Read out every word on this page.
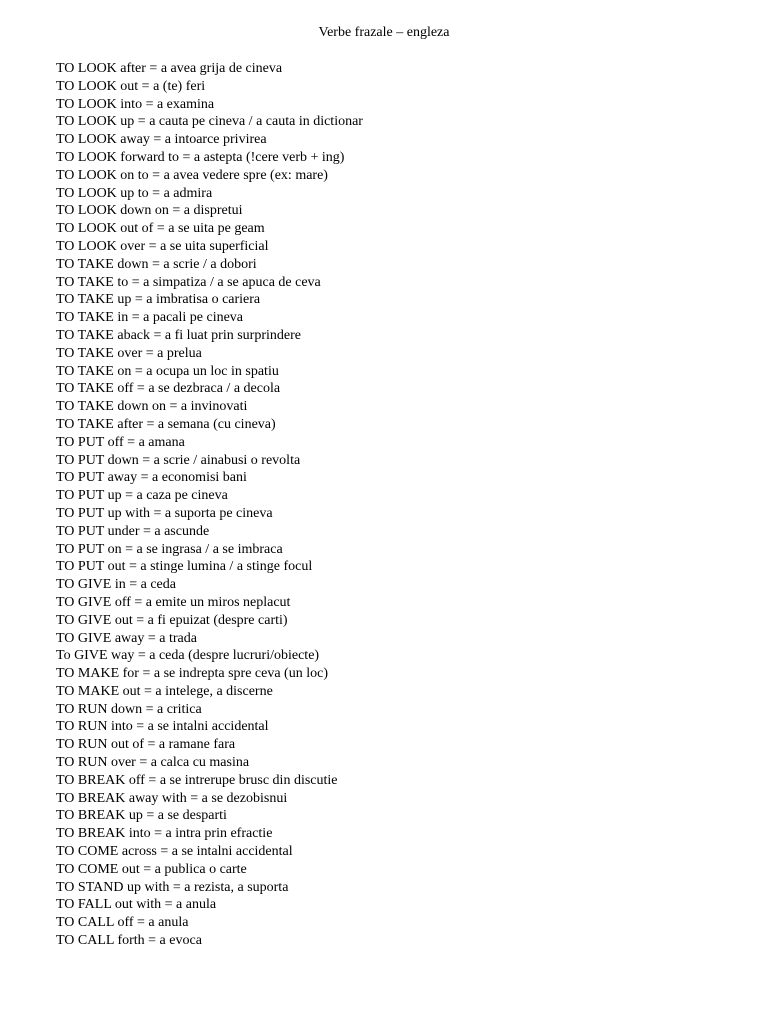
Verbe frazale – engleza
TO LOOK after = a avea grija de cineva
TO LOOK out = a (te) feri
TO LOOK into = a examina
TO LOOK up = a cauta pe cineva / a cauta in dictionar
TO LOOK away = a intoarce privirea
TO LOOK forward to = a astepta (!cere verb + ing)
TO LOOK on to = a avea vedere spre (ex: mare)
TO LOOK up to = a admira
TO LOOK down on = a dispretui
TO LOOK out of = a se uita pe geam
TO LOOK over = a se uita superficial
TO TAKE down = a scrie / a dobori
TO TAKE to = a simpatiza / a se apuca de ceva
TO TAKE up = a imbratisa o cariera
TO TAKE in = a pacali pe cineva
TO TAKE aback = a fi luat prin surprindere
TO TAKE over = a prelua
TO TAKE on = a ocupa un loc in spatiu
TO TAKE off = a se dezbraca / a decola
TO TAKE down on = a invinovati
TO TAKE after = a semana (cu cineva)
TO PUT off = a amana
TO PUT down = a scrie / ainabusi o revolta
TO PUT away = a economisi bani
TO PUT up = a caza pe cineva
TO PUT up with = a suporta pe cineva
TO PUT under = a ascunde
TO PUT on = a se ingrasa / a se imbraca
TO PUT out = a stinge lumina / a stinge focul
TO GIVE in = a ceda
TO GIVE off = a emite un miros neplacut
TO GIVE out = a fi epuizat (despre carti)
TO GIVE away = a trada
To GIVE way = a ceda (despre lucruri/obiecte)
TO MAKE for = a se indrepta spre ceva (un loc)
TO MAKE out = a intelege, a discerne
TO RUN down = a critica
TO RUN into = a se intalni accidental
TO RUN out of = a ramane fara
TO RUN over = a calca cu masina
TO BREAK off = a se intrerupe brusc din discutie
TO BREAK away with = a se dezobisnui
TO BREAK up = a se desparti
TO BREAK into = a intra prin efractie
TO COME across = a se intalni accidental
TO COME out = a publica o carte
TO STAND up with = a rezista, a suporta
TO FALL out with = a anula
TO CALL off = a anula
TO CALL forth = a evoca
